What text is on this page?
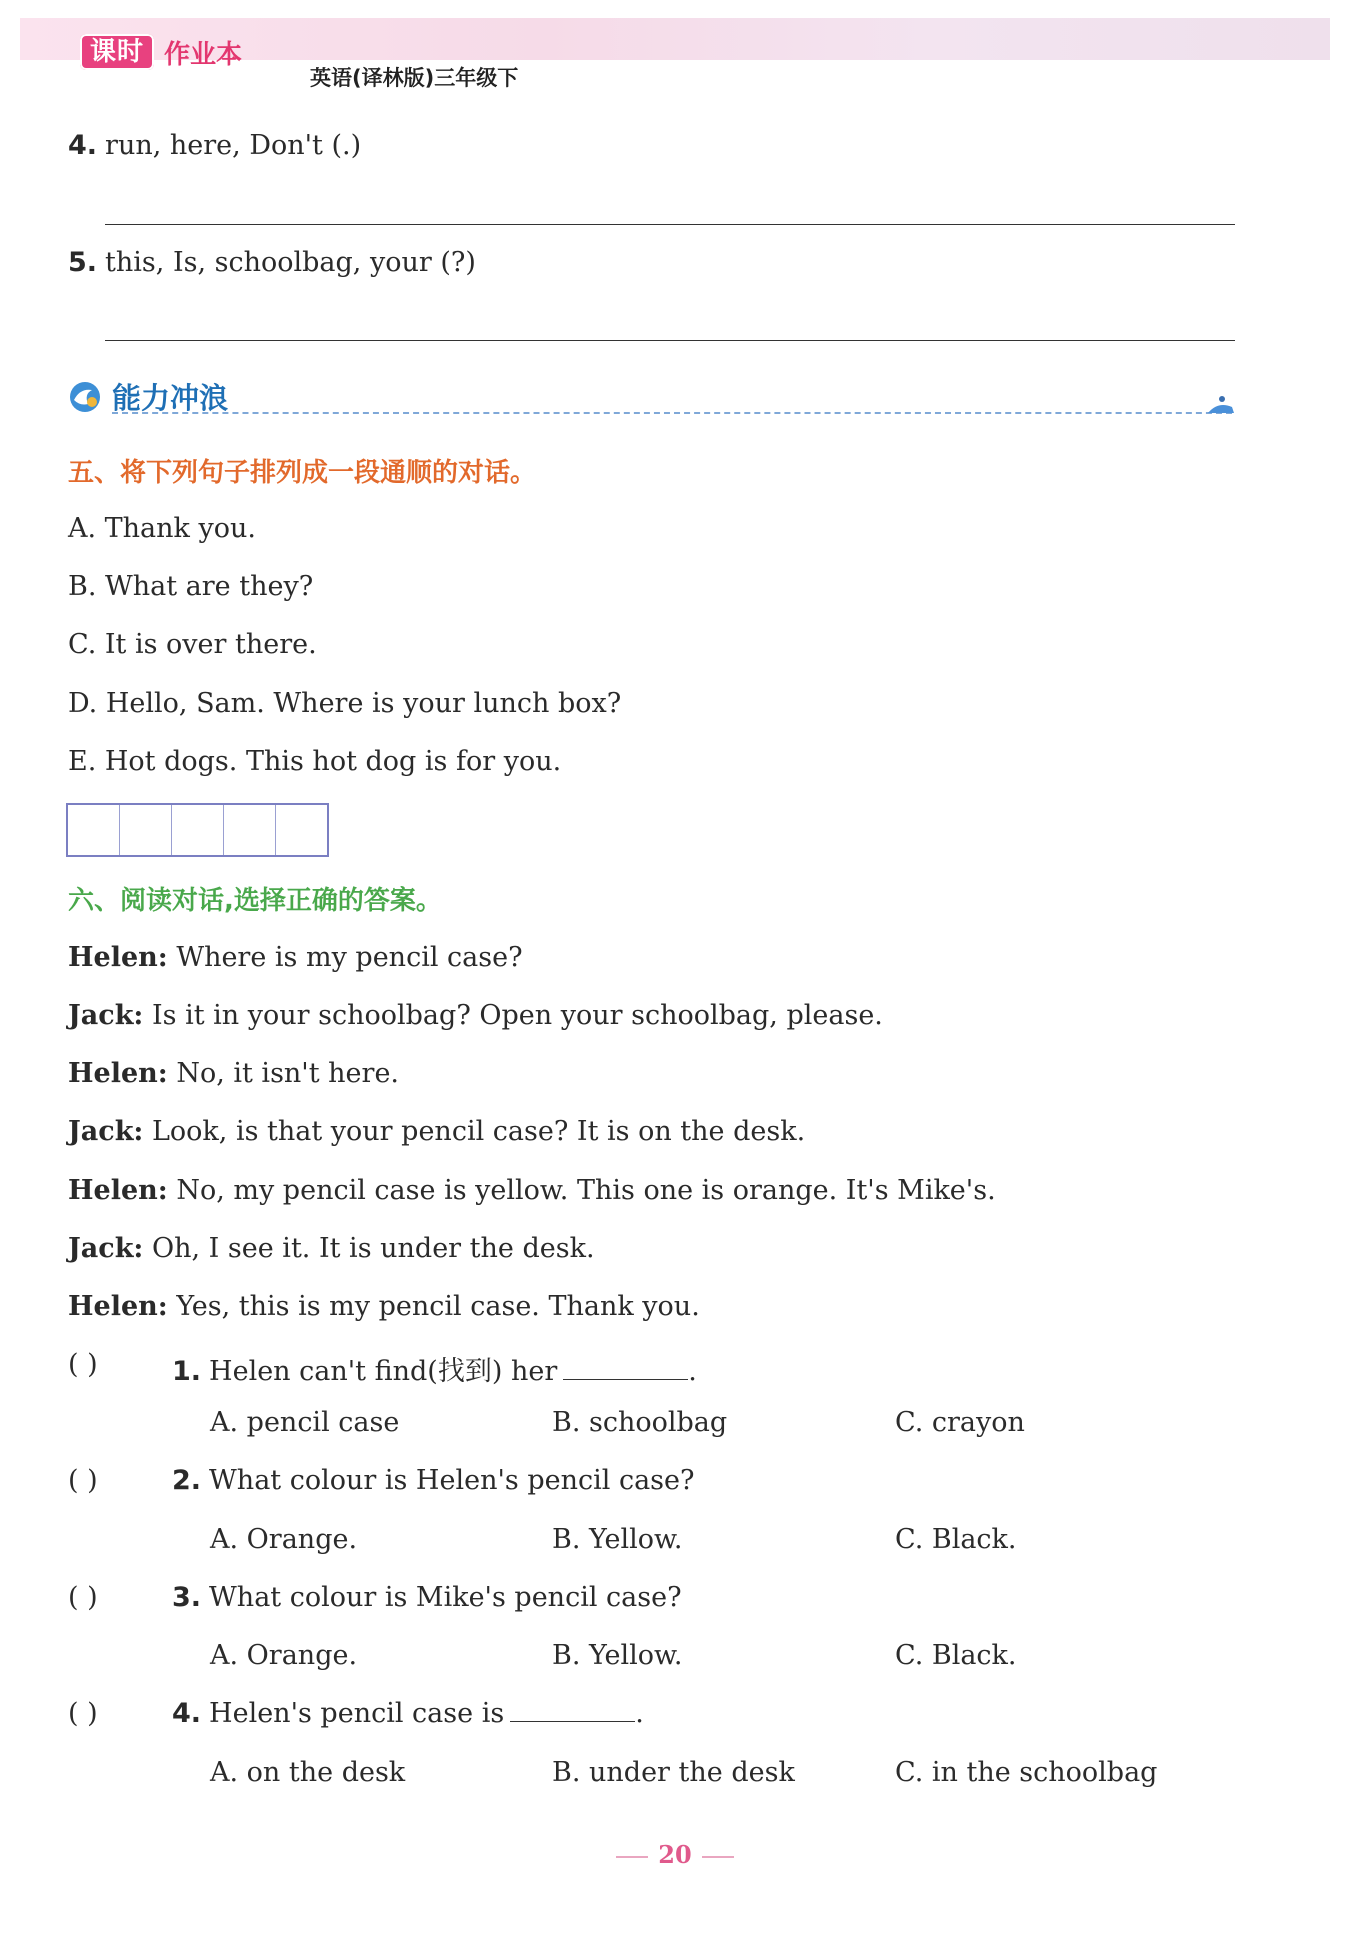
课时 作业本
英语(译林版)三年级下
4. run, here, Don't (.)
5. this, Is, schoolbag, your (?)
能力冲浪
五、将下列句子排列成一段通顺的对话。
A. Thank you.
B. What are they?
C. It is over there.
D. Hello, Sam. Where is your lunch box?
E. Hot dogs. This hot dog is for you.
六、阅读对话,选择正确的答案。
Helen: Where is my pencil case?
Jack: Is it in your schoolbag? Open your schoolbag, please.
Helen: No, it isn't here.
Jack: Look, is that your pencil case? It is on the desk.
Helen: No, my pencil case is yellow. This one is orange. It's Mike's.
Jack: Oh, I see it. It is under the desk.
Helen: Yes, this is my pencil case. Thank you.
( )	1. Helen can't find(找到) her	.
A. pencil case	B. schoolbag	C. crayon
( )	2. What colour is Helen's pencil case?
A. Orange.	B. Yellow.	C. Black.
( )	3. What colour is Mike's pencil case?
A. Orange.	B. Yellow.	C. Black.
( )	4. Helen's pencil case is	.
A. on the desk	B. under the desk	C. in the schoolbag
20
